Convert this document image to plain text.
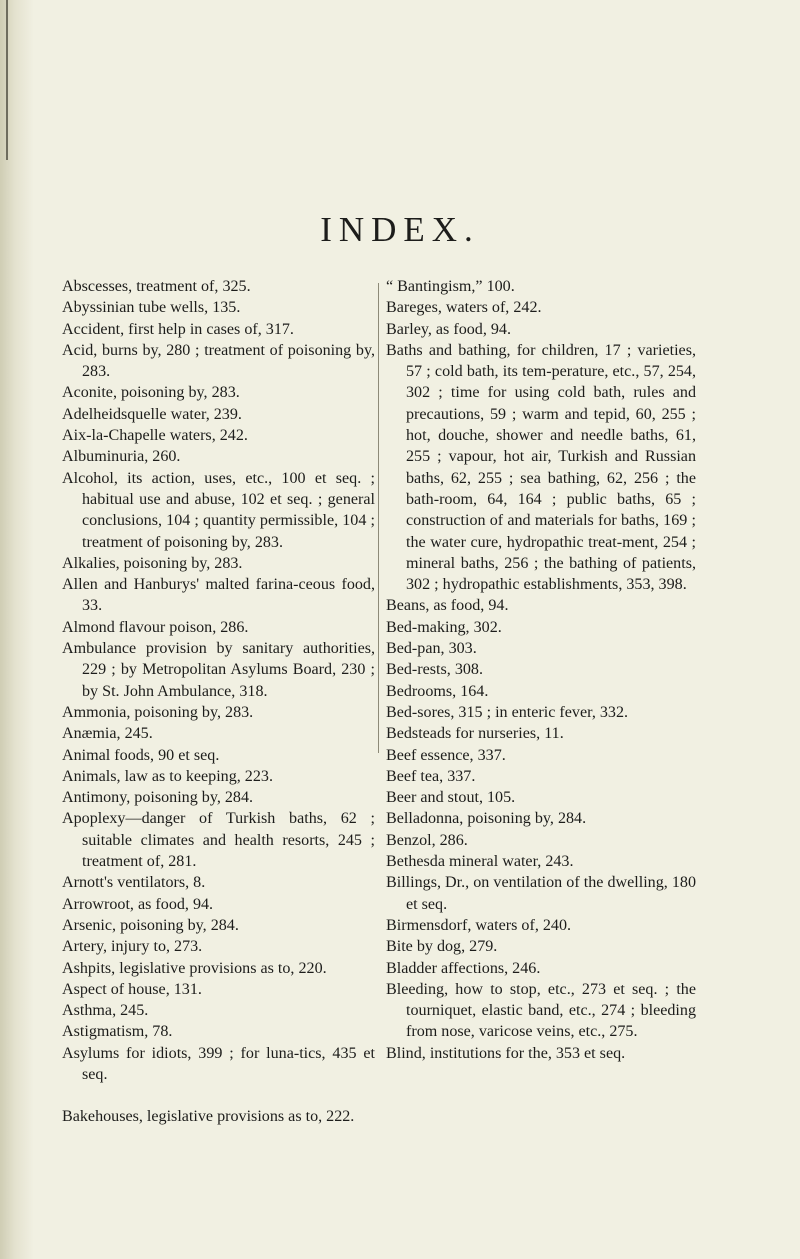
INDEX.
Abscesses, treatment of, 325.
Abyssinian tube wells, 135.
Accident, first help in cases of, 317.
Acid, burns by, 280 ; treatment of poisoning by, 283.
Aconite, poisoning by, 283.
Adelheidsquelle water, 239.
Aix-la-Chapelle waters, 242.
Albuminuria, 260.
Alcohol, its action, uses, etc., 100 et seq. ; habitual use and abuse, 102 et seq. ; general conclusions, 104 ; quantity permissible, 104 ; treatment of poisoning by, 283.
Alkalies, poisoning by, 283.
Allen and Hanburys' malted farina-ceous food, 33.
Almond flavour poison, 286.
Ambulance provision by sanitary authorities, 229 ; by Metropolitan Asylums Board, 230 ; by St. John Ambulance, 318.
Ammonia, poisoning by, 283.
Anæmia, 245.
Animal foods, 90 et seq.
Animals, law as to keeping, 223.
Antimony, poisoning by, 284.
Apoplexy—danger of Turkish baths, 62 ; suitable climates and health resorts, 245 ; treatment of, 281.
Arnott's ventilators, 8.
Arrowroot, as food, 94.
Arsenic, poisoning by, 284.
Artery, injury to, 273.
Ashpits, legislative provisions as to, 220.
Aspect of house, 131.
Asthma, 245.
Astigmatism, 78.
Asylums for idiots, 399 ; for luna-tics, 435 et seq.
Bakehouses, legislative provisions as to, 222.
“ Bantingism,” 100.
Bareges, waters of, 242.
Barley, as food, 94.
Baths and bathing, for children, 17 ; varieties, 57 ; cold bath, its tem-perature, etc., 57, 254, 302 ; time for using cold bath, rules and precautions, 59 ; warm and tepid, 60, 255 ; hot, douche, shower and needle baths, 61, 255 ; vapour, hot air, Turkish and Russian baths, 62, 255 ; sea bathing, 62, 256 ; the bath-room, 64, 164 ; public baths, 65 ; construction of and materials for baths, 169 ; the water cure, hydropathic treat-ment, 254 ; mineral baths, 256 ; the bathing of patients, 302 ; hydropathic establishments, 353, 398.
Beans, as food, 94.
Bed-making, 302.
Bed-pan, 303.
Bed-rests, 308.
Bedrooms, 164.
Bed-sores, 315 ; in enteric fever, 332.
Bedsteads for nurseries, 11.
Beef essence, 337.
Beef tea, 337.
Beer and stout, 105.
Belladonna, poisoning by, 284.
Benzol, 286.
Bethesda mineral water, 243.
Billings, Dr., on ventilation of the dwelling, 180 et seq.
Birmensdorf, waters of, 240.
Bite by dog, 279.
Bladder affections, 246.
Bleeding, how to stop, etc., 273 et seq. ; the tourniquet, elastic band, etc., 274 ; bleeding from nose, varicose veins, etc., 275.
Blind, institutions for the, 353 et seq.
